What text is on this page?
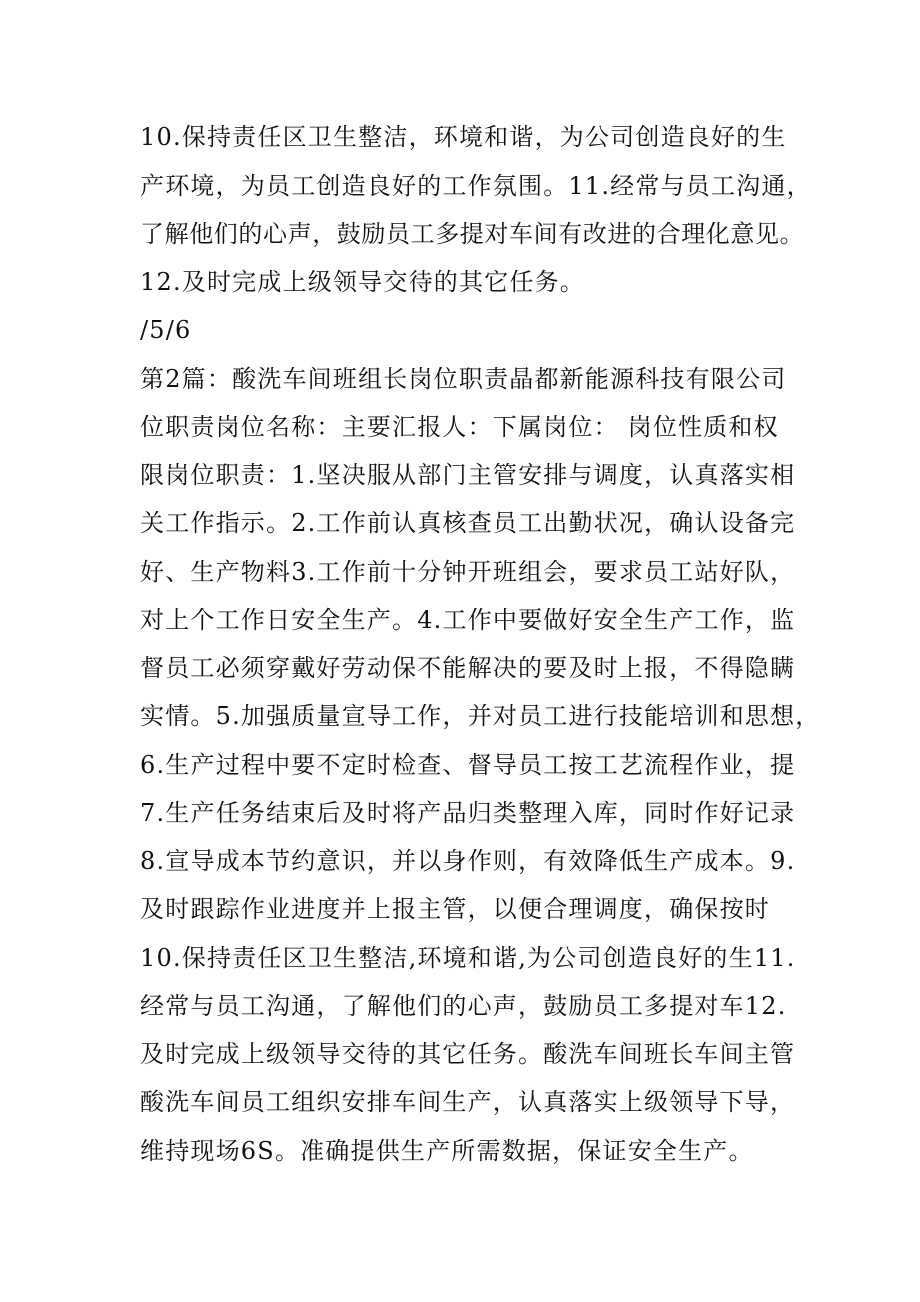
10.保持责任区卫生整洁，环境和谐，为公司创造良好的生
产环境，为员工创造良好的工作氛围。11.经常与员工沟通，
了解他们的心声，鼓励员工多提对车间有改进的合理化意见。
12.及时完成上级领导交待的其它任务。
/5/6
第2篇：酸洗车间班组长岗位职责晶都新能源科技有限公司
位职责岗位名称：主要汇报人：下属岗位： 岗位性质和权
限岗位职责：1.坚决服从部门主管安排与调度，认真落实相
关工作指示。2.工作前认真核查员工出勤状况，确认设备完
好、生产物料3.工作前十分钟开班组会，要求员工站好队，
对上个工作日安全生产。4.工作中要做好安全生产工作，监
督员工必须穿戴好劳动保不能解决的要及时上报，不得隐瞒
实情。5.加强质量宣导工作，并对员工进行技能培训和思想，
6.生产过程中要不定时检查、督导员工按工艺流程作业，提
7.生产任务结束后及时将产品归类整理入库，同时作好记录
8.宣导成本节约意识，并以身作则，有效降低生产成本。9.
及时跟踪作业进度并上报主管，以便合理调度，确保按时
10.保持责任区卫生整洁,环境和谐,为公司创造良好的生11.
经常与员工沟通，了解他们的心声，鼓励员工多提对车12.
及时完成上级领导交待的其它任务。酸洗车间班长车间主管
酸洗车间员工组织安排车间生产，认真落实上级领导下导，
维持现场6S。准确提供生产所需数据，保证安全生产。
